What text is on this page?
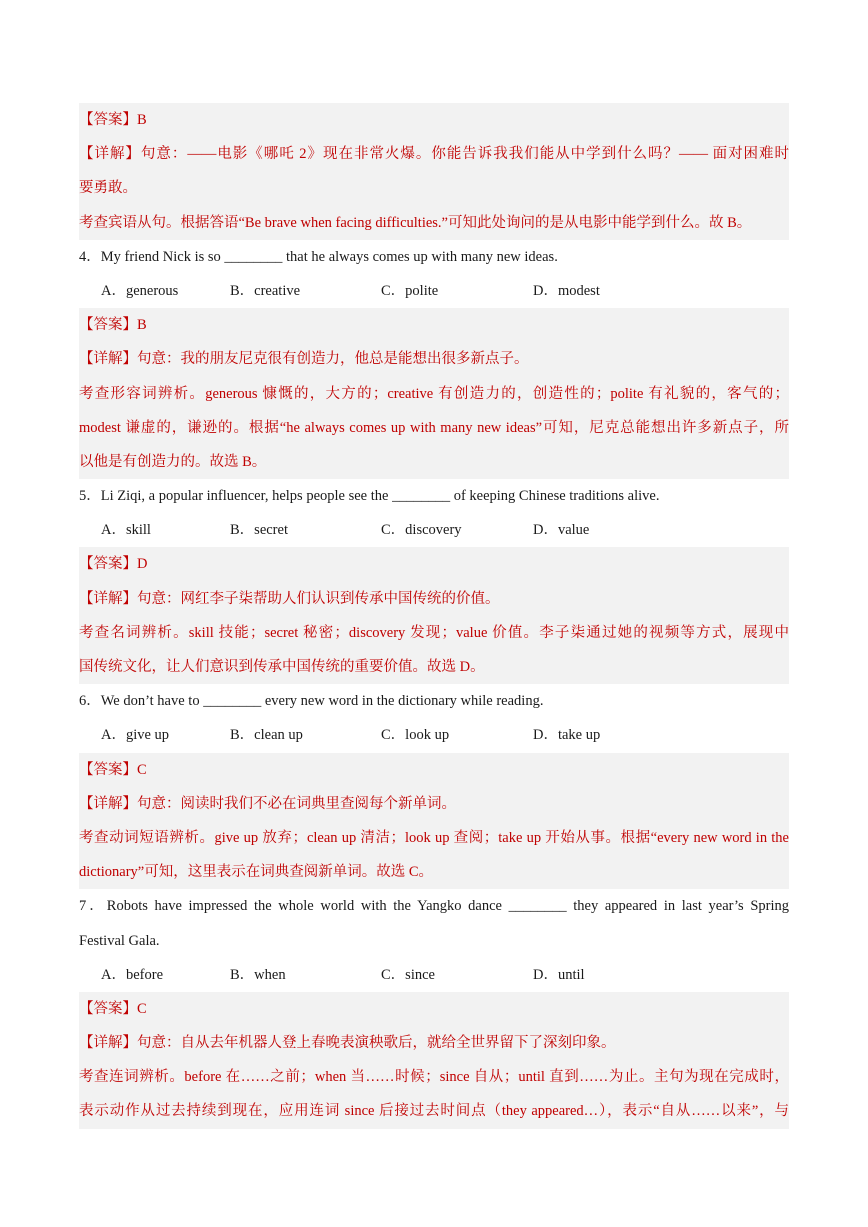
【答案】B
【详解】句意：——电影《哪吒 2》现在非常火爆。你能告诉我我们能从中学到什么吗？—— 面对困难时
要勇敢。
考查宾语从句。根据答语“Be brave when facing difficulties.”可知此处询问的是从电影中能学到什么。故 B。
4．My friend Nick is so ________ that he always comes up with many new ideas.
A．generous	B．creative	C．polite	D．modest
【答案】B
【详解】句意：我的朋友尼克很有创造力，他总是能想出很多新点子。
考查形容词辨析。generous 慷慨的，大方的；creative 有创造力的，创造性的；polite 有礼貌的，客气的；
modest 谦虚的，谦逊的。根据“he always comes up with many new ideas”可知，尼克总能想出许多新点子，所
以他是有创造力的。故选 B。
5．Li Ziqi, a popular influencer, helps people see the ________ of keeping Chinese traditions alive.
A．skill	B．secret	C．discovery	D．value
【答案】D
【详解】句意：网红李子柒帮助人们认识到传承中国传统的价值。
考查名词辨析。skill 技能；secret 秘密；discovery 发现；value 价值。李子柒通过她的视频等方式，展现中
国传统文化，让人们意识到传承中国传统的重要价值。故选 D。
6．We don’t have to ________ every new word in the dictionary while reading.
A．give up	B．clean up	C．look up	D．take up
【答案】C
【详解】句意：阅读时我们不必在词典里查阅每个新单词。
考查动词短语辨析。give up 放弃；clean up 清洁；look up 查阅；take up 开始从事。根据“every new word in the
dictionary”可知，这里表示在词典查阅新单词。故选 C。
7．Robots have impressed the whole world with the Yangko dance ________ they appeared in last year’s Spring
Festival Gala.
A．before	B．when	C．since	D．until
【答案】C
【详解】句意：自从去年机器人登上春晚表演秧歌后，就给全世界留下了深刻印象。
考查连词辨析。before 在……之前；when 当……时候；since 自从；until 直到……为止。主句为现在完成时，
表示动作从过去持续到现在，应用连词 since 后接过去时间点（they appeared…），表示“自从……以来”，与
